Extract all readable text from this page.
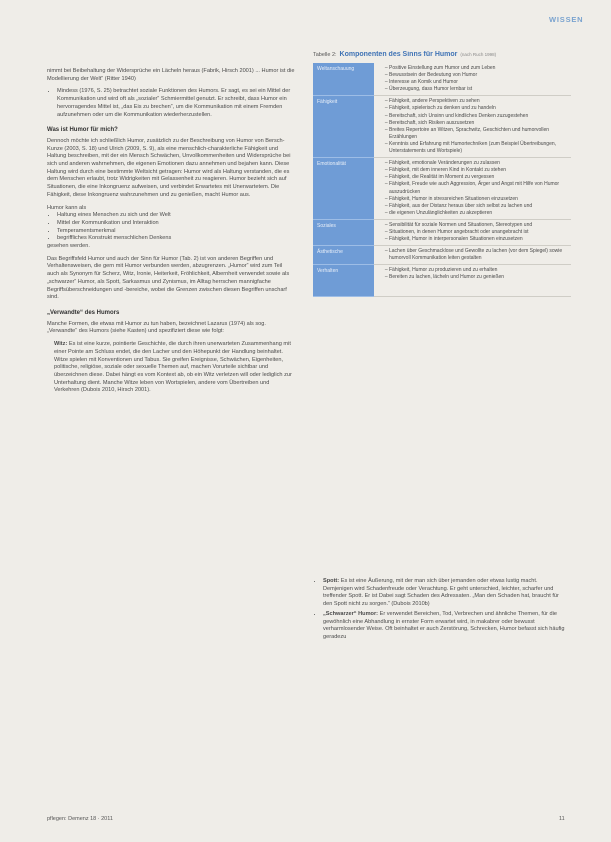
WISSEN

nimmt bei Beibehaltung der Widersprüche ein Lächeln heraus (Fabrik, Hirsch 2001) ... Humor ist die Modellierung der Welt“ (Ritter 1940)

• Mindess (1976, S. 25) betrachtet soziale Funktionen des Humors. Er sagt, es sei ein Mittel der Kommunikation und wird oft als „sozialer“ Schmiermittel genutzt. Er schreibt, dass Humor ein hervorragendes Mittel ist, „das Eis zu brechen“, um die Kommunikation mit einem Fremden aufzunehmen oder um die Kommunikation wiederherzustellen.
Was ist Humor für mich?

Dennoch möchte ich schließlich Humor, zusätzlich zu der Beschreibung von Humor von Bersch-Kunze (2003, S. 18) und Ulrich (2009, S. 9), als eine menschlich-charakterliche Fähigkeit und Haltung beschreiben, mit der ein Mensch Schwächen, Unvollkommenheiten und Widersprüche bei sich und anderen wahrnehmen, die eigenen Emotionen dazu annehmen und bejahen kann. Diese Haltung wird durch eine bestimmte Weltsicht getragen: Humor wird als Haltung verstanden, die es dem Menschen erlaubt, trotz Widrigkeiten mit Gelassenheit zu reagieren. Humor bezieht sich auf Situationen, die eine Inkongruenz aufweisen, und verbindet Erwartetes mit Unerwartetem. Die Fähigkeit, diese Inkongruenz wahrzunehmen und zu genießen, macht Humor aus.

Humor kann als

• Haltung eines Menschen zu sich und der Welt
• Mittel der Kommunikation und Interaktion
• Temperamentsmerkmal
• begriffliches Konstrukt menschlichen Denkens

gesehen werden.

Das Begriffsfeld Humor und auch der Sinn für Humor (Tab. 2) ist von anderen Begriffen und Verhaltensweisen, die gern mit Humor verbunden werden, abzugrenzen. „Humor“ wird zum Teil auch als Synonym für Scherz, Witz, Ironie, Heiterkeit, Fröhlichkeit, Albernheit verwendet sowie als „schwarzer“ Humor, als Spott, Sarkasmus und Zynismus, im Alltag herrschen mannigfache Begriffsüberschneidungen und -bereiche, wobei die Grenzen zwischen diesen Begriffen unscharf sind.

„Verwandte“ des Humors

Manche Formen, die etwas mit Humor zu tun haben, bezeichnet Lazarus (1974) als sog. „Verwandte“ des Humors (siehe Kasten) und spezifiziert diese wie folgt:

Witz: Es ist eine kurze, pointierte Geschichte, die durch ihren unerwarteten Zusammenhang mit einer Pointe am Schluss endet, die den Lacher und den Höhepunkt der Handlung beinhaltet. Witze spielen mit Konventionen und Tabus. Sie greifen Ereignisse, Schwächen, Eigenheiten, politische, religiöse, soziale oder sexuelle Themen auf, machen Vorurteile sichtbar und überzeichnen diese. Dabei hängt es vom Kontext ab, ob ein Witz verletzen will oder lediglich zur Unterhaltung dient. Manche Witze leben von Wortspielen, andere vom Übertreiben und Verkehren (Dubois 2010, Hirsch 2001).

Tabelle 2: Komponenten des Sinns für Humor (nach Ruch 1998)
Weltanschauung	– Positive Einstellung zum Humor und zum Leben
– Bewusstsein der Bedeutung von Humor
– Interesse an Komik und Humor
– Überzeugung, dass Humor lernbar ist
Fähigkeit	– Fähigkeit, andere Perspektiven zu sehen
– Fähigkeit, spielerisch zu denken und zu handeln
– Bereitschaft, sich Unsinn und kindliches Denken zuzugestehen
– Bereitschaft, sich Risiken auszusetzen
– Breites Repertoire an Witzen, Sprachwitz, Geschichten und humorvollen Erzählungen
– Kenntnis und Erfahrung mit Humortechniken (zum Beispiel Übertreibungen, Unterstatements und Wortspiele)
Emotionalität	– Fähigkeit, emotionale Veränderungen zu zulassen
– Fähigkeit, mit dem inneren Kind in Kontakt zu stehen
– Fähigkeit, die Realität im Moment zu vergessen
– Fähigkeit, Freude wie auch Aggression, Ärger und Angst mit Hilfe von Humor auszudrücken
– Fähigkeit, Humor in stressreichen Situationen einzusetzen
– Fähigkeit, aus der Distanz heraus über sich selbst zu lachen und
– die eigenen Unzulänglichkeiten zu akzeptieren
Soziales	– Sensibilität für soziale Normen und Situationen, Stereotypen und
– Situationen, in denen Humor angebracht oder unangebracht ist
– Fähigkeit, Humor in interpersonalen Situationen einzusetzen
Ästhetische	– Lachen über Geschmacklose und Gewollte zu lachen (vor dem Spiegel) sowie humorvoll Kommunikation leiten gestalten
Verhalten	– Fähigkeit, Humor zu produzieren und zu erhalten
– Bereiten zu lachen, lächeln und Humor zu genießen
• Spott: Es ist eine Äußerung, mit der man sich über jemanden oder etwas lustig macht. Demjenigen wird Schadenfreude oder Verachtung. Er geht unterschied, leichter, scharfer und treffender Spott. Er ist Dabei sagt Schaden des Adressaten. „Man den Schaden hat, braucht für den Spott nicht zu sorgen.“ (Dubois 2010b)
• „Schwarzer“ Humor: Er verwendet Bereichen, Tod, Verbrechen und ähnliche Themen, für die gewöhnlich eine Abhandlung in ernster Form erwartet wird, in makabrer oder bewusst verharmlosender Weise. Oft beinhaltet er auch Zerstörung, Schrecken, Humor befasst sich häufig geradezu
pflegen: Demenz 18 · 2011	11
